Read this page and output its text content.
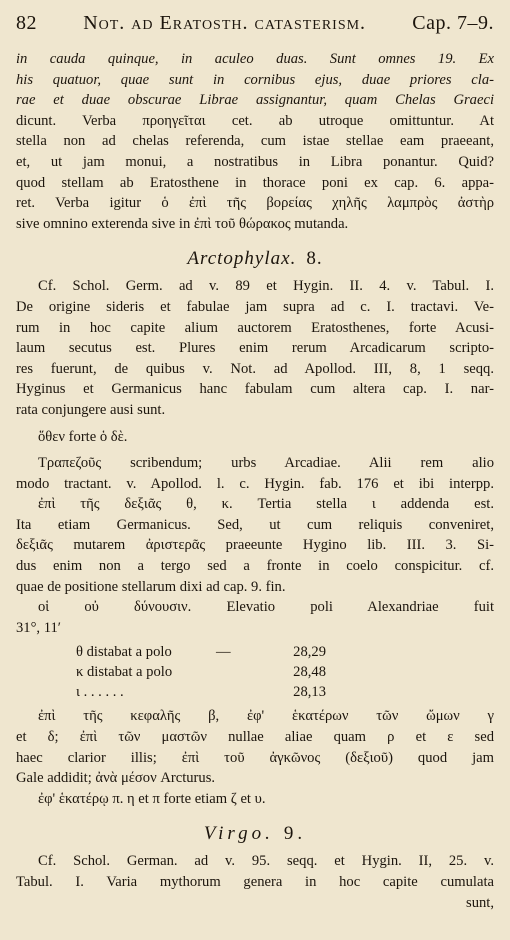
82 Not. ad Eratosth. catasterism. Cap. 7–9.
in cauda quinque, in aculeo duas. Sunt omnes 19. Ex
his quatuor, quae sunt in cornibus ejus, duae priores cla-
rae et duae obscurae Librae assignantur, quam Chelas Graeci
dicunt. Verba προηγεῖται cet. ab utroque omittuntur. At
stella non ad chelas referenda, cum istae stellae eam praeeant,
et, ut jam monui, a nostratibus in Libra ponantur. Quid?
quod stellam ab Eratosthene in thorace poni ex cap. 6. appa-
ret. Verba igitur ὁ ἐπὶ τῆς βορείας χηλῆς λαμπρὸς ἀστὴρ
sive omnino exterenda sive in ἐπὶ τοῦ θώρακος mutanda.
Arctophylax. 8.
Cf. Schol. Germ. ad v. 89 et Hygin. II. 4. v. Tabul. I.
De origine sideris et fabulae jam supra ad c. I. tractavi. Ve-
rum in hoc capite alium auctorem Eratosthenes, forte Acusi-
laum secutus est. Plures enim rerum Arcadicarum scripto-
res fuerunt, de quibus v. Not. ad Apollod. III, 8, 1 seqq.
Hyginus et Germanicus hanc fabulam cum altera cap. I. nar-
rata conjungere ausi sunt.
ὅθεν forte ὁ δὲ.
Τραπεζοῦς scribendum; urbs Arcadiae. Alii rem alio
modo tractant. v. Apollod. l. c. Hygin. fab. 176 et ibi interpp.
ἐπὶ τῆς δεξιᾶς θ, κ. Tertia stella ι addenda est.
Ita etiam Germanicus. Sed, ut cum reliquis conveniret,
δεξιᾶς mutarem ἀριστερᾶς praeeunte Hygino lib. III. 3. Si-
dus enim non a tergo sed a fronte in coelo conspicitur. cf.
quae de positione stellarum dixi ad cap. 9. fin.
οἱ οὐ δύνουσιν. Elevatio poli Alexandriae fuit
31°, 11′
θ distabat a polo	—	28,29
κ distabat a polo	28,48
ι . . . . . .	28,13
ἐπὶ τῆς κεφαλῆς β, ἐφ' ἑκατέρων τῶν ὤμων γ
et δ; ἐπὶ τῶν μαστῶν nullae aliae quam ρ et ε sed
haec clarior illis; ἐπὶ τοῦ ἀγκῶνος (δεξιοῦ) quod jam
Gale addidit; ἀνὰ μέσον Arcturus.
ἐφ' ἑκατέρῳ π. η et π forte etiam ζ et υ.
Virgo. 9.
Cf. Schol. German. ad v. 95. seqq. et Hygin. II, 25. v.
Tabul. I. Varia mythorum genera in hoc capite cumulata
sunt,
